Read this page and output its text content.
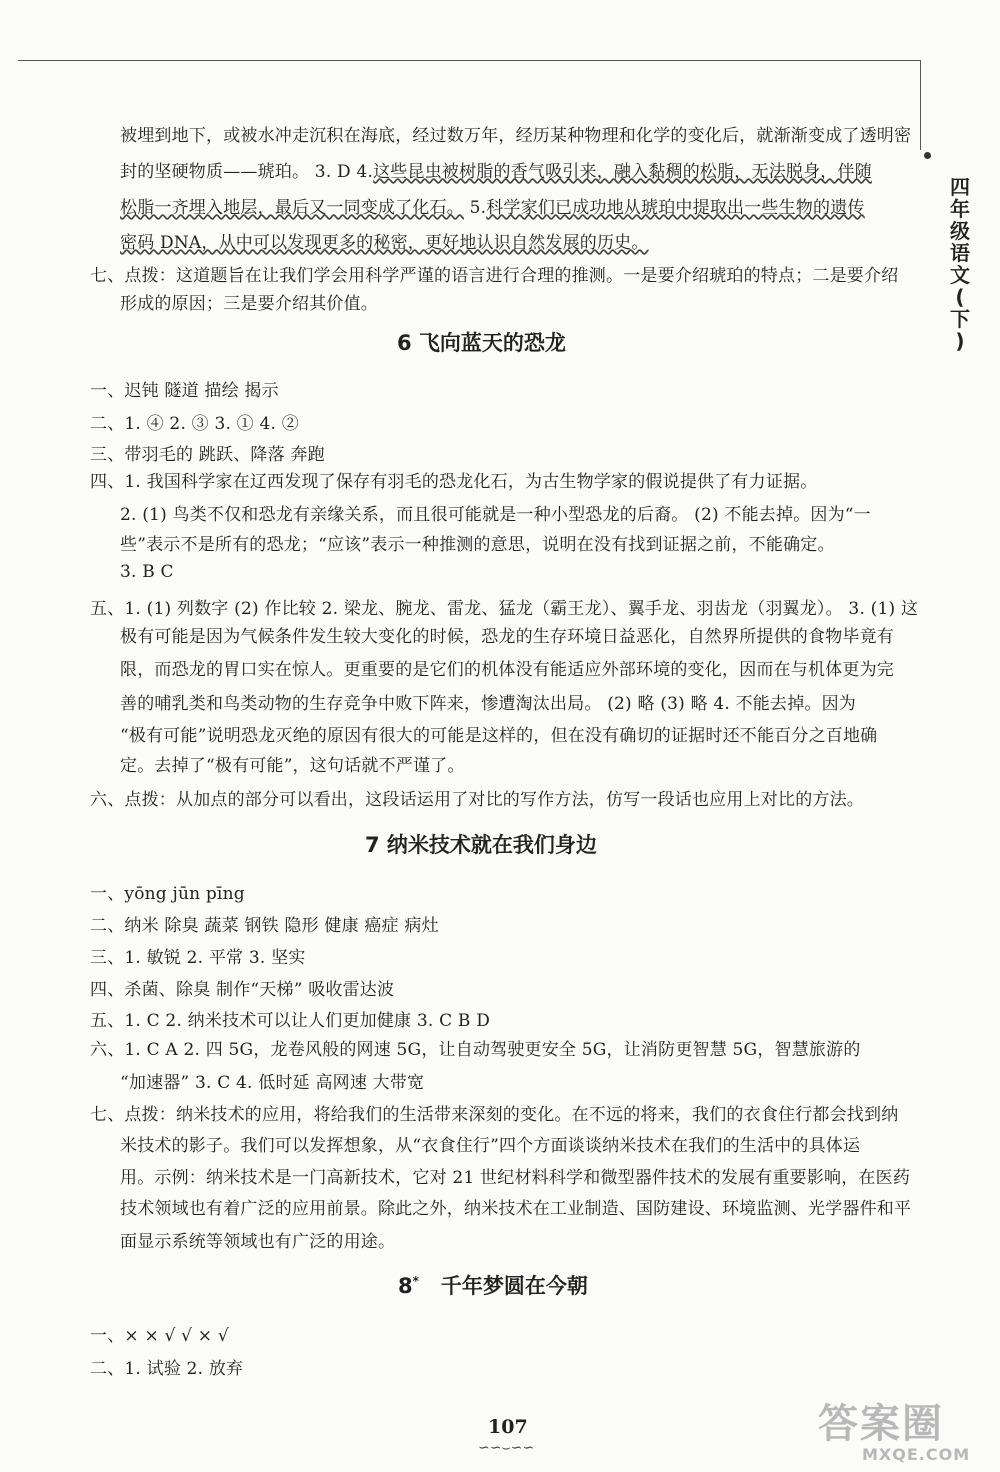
四
年
级
语
文
(
下
)
被埋到地下，或被水冲走沉积在海底，经过数万年，经历某种物理和化学的变化后，就渐渐变成了透明密
封的坚硬物质——琥珀。 3. D 4.这些昆虫被树脂的香气吸引来，融入黏稠的松脂，无法脱身，伴随
松脂一齐埋入地层，最后又一同变成了化石。 5.科学家们已成功地从琥珀中提取出一些生物的遗传
密码 DNA，从中可以发现更多的秘密，更好地认识自然发展的历史。
七、点拨：这道题旨在让我们学会用科学严谨的语言进行合理的推测。一是要介绍琥珀的特点；二是要介绍
形成的原因；三是要介绍其价值。
6 飞向蓝天的恐龙
一、迟钝 隧道 描绘 揭示
二、1. ④ 2. ③ 3. ① 4. ②
三、带羽毛的 跳跃、降落 奔跑
四、1. 我国科学家在辽西发现了保存有羽毛的恐龙化石，为古生物学家的假说提供了有力证据。
2. (1) 鸟类不仅和恐龙有亲缘关系，而且很可能就是一种小型恐龙的后裔。 (2) 不能去掉。因为“一
些”表示不是所有的恐龙；“应该”表示一种推测的意思，说明在没有找到证据之前，不能确定。
3. B C
五、1. (1) 列数字 (2) 作比较 2. 梁龙、腕龙、雷龙、猛龙（霸王龙）、翼手龙、羽齿龙（羽翼龙）。 3. (1) 这
极有可能是因为气候条件发生较大变化的时候，恐龙的生存环境日益恶化，自然界所提供的食物毕竟有
限，而恐龙的胃口实在惊人。更重要的是它们的机体没有能适应外部环境的变化，因而在与机体更为完
善的哺乳类和鸟类动物的生存竞争中败下阵来，惨遭淘汰出局。 (2) 略 (3) 略 4. 不能去掉。因为
“极有可能”说明恐龙灭绝的原因有很大的可能是这样的，但在没有确切的证据时还不能百分之百地确
定。去掉了“极有可能”，这句话就不严谨了。
六、点拨：从加点的部分可以看出，这段话运用了对比的写作方法，仿写一段话也应用上对比的方法。
7 纳米技术就在我们身边
一、yōng jūn pīng
二、纳米 除臭 蔬菜 钢铁 隐形 健康 癌症 病灶
三、1. 敏锐 2. 平常 3. 坚实
四、杀菌、除臭 制作“天梯” 吸收雷达波
五、1. C 2. 纳米技术可以让人们更加健康 3. C B D
六、1. C A 2. 四 5G，龙卷风般的网速 5G，让自动驾驶更安全 5G，让消防更智慧 5G，智慧旅游的
“加速器” 3. C 4. 低时延 高网速 大带宽
七、点拨：纳米技术的应用，将给我们的生活带来深刻的变化。在不远的将来，我们的衣食住行都会找到纳
米技术的影子。我们可以发挥想象，从“衣食住行”四个方面谈谈纳米技术在我们的生活中的具体运
用。示例：纳米技术是一门高新技术，它对 21 世纪材料科学和微型器件技术的发展有重要影响，在医药
技术领域也有着广泛的应用前景。除此之外，纳米技术在工业制造、国防建设、环境监测、光学器件和平
面显示系统等领域也有广泛的用途。
8* 千年梦圆在今朝
一、× × √ √ × √
二、1. 试验 2. 放弃
107
∽∽⌣∽∽
答案圈
MXQE.COM
